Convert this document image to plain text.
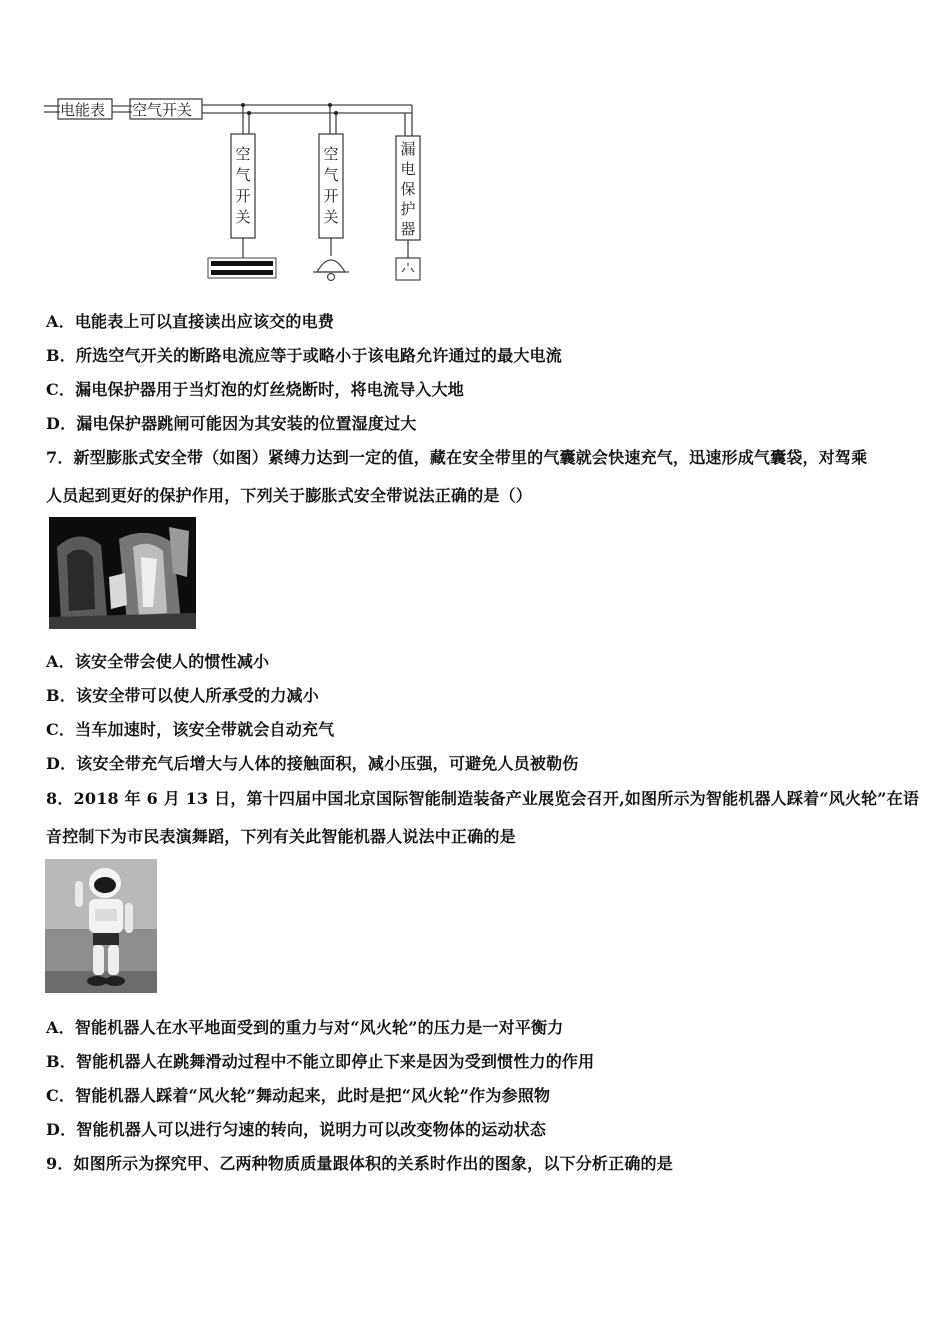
电能表 空气开关
空
气
开
关
空
气
开
关
漏
电
保
护
器
A．电能表上可以直接读出应该交的电费
B．所选空气开关的断路电流应等于或略小于该电路允许通过的最大电流
C．漏电保护器用于当灯泡的灯丝烧断时，将电流导入大地
D．漏电保护器跳闸可能因为其安装的位置湿度过大
7．新型膨胀式安全带（如图）紧缚力达到一定的值，藏在安全带里的气囊就会快速充气，迅速形成气囊袋，对驾乘
人员起到更好的保护作用，下列关于膨胀式安全带说法正确的是（）
A．该安全带会使人的惯性减小
B．该安全带可以使人所承受的力减小
C．当车加速时，该安全带就会自动充气
D．该安全带充气后增大与人体的接触面积，减小压强，可避免人员被勒伤
8．2018 年 6 月 13 日，第十四届中国北京国际智能制造装备产业展览会召开,如图所示为智能机器人踩着“风火轮”在语
音控制下为市民表演舞蹈，下列有关此智能机器人说法中正确的是
A．智能机器人在水平地面受到的重力与对“风火轮”的压力是一对平衡力
B．智能机器人在跳舞滑动过程中不能立即停止下来是因为受到惯性力的作用
C．智能机器人踩着“风火轮”舞动起来，此时是把“风火轮”作为参照物
D．智能机器人可以进行匀速的转向，说明力可以改变物体的运动状态
9．如图所示为探究甲、乙两种物质质量跟体积的关系时作出的图象，以下分析正确的是
